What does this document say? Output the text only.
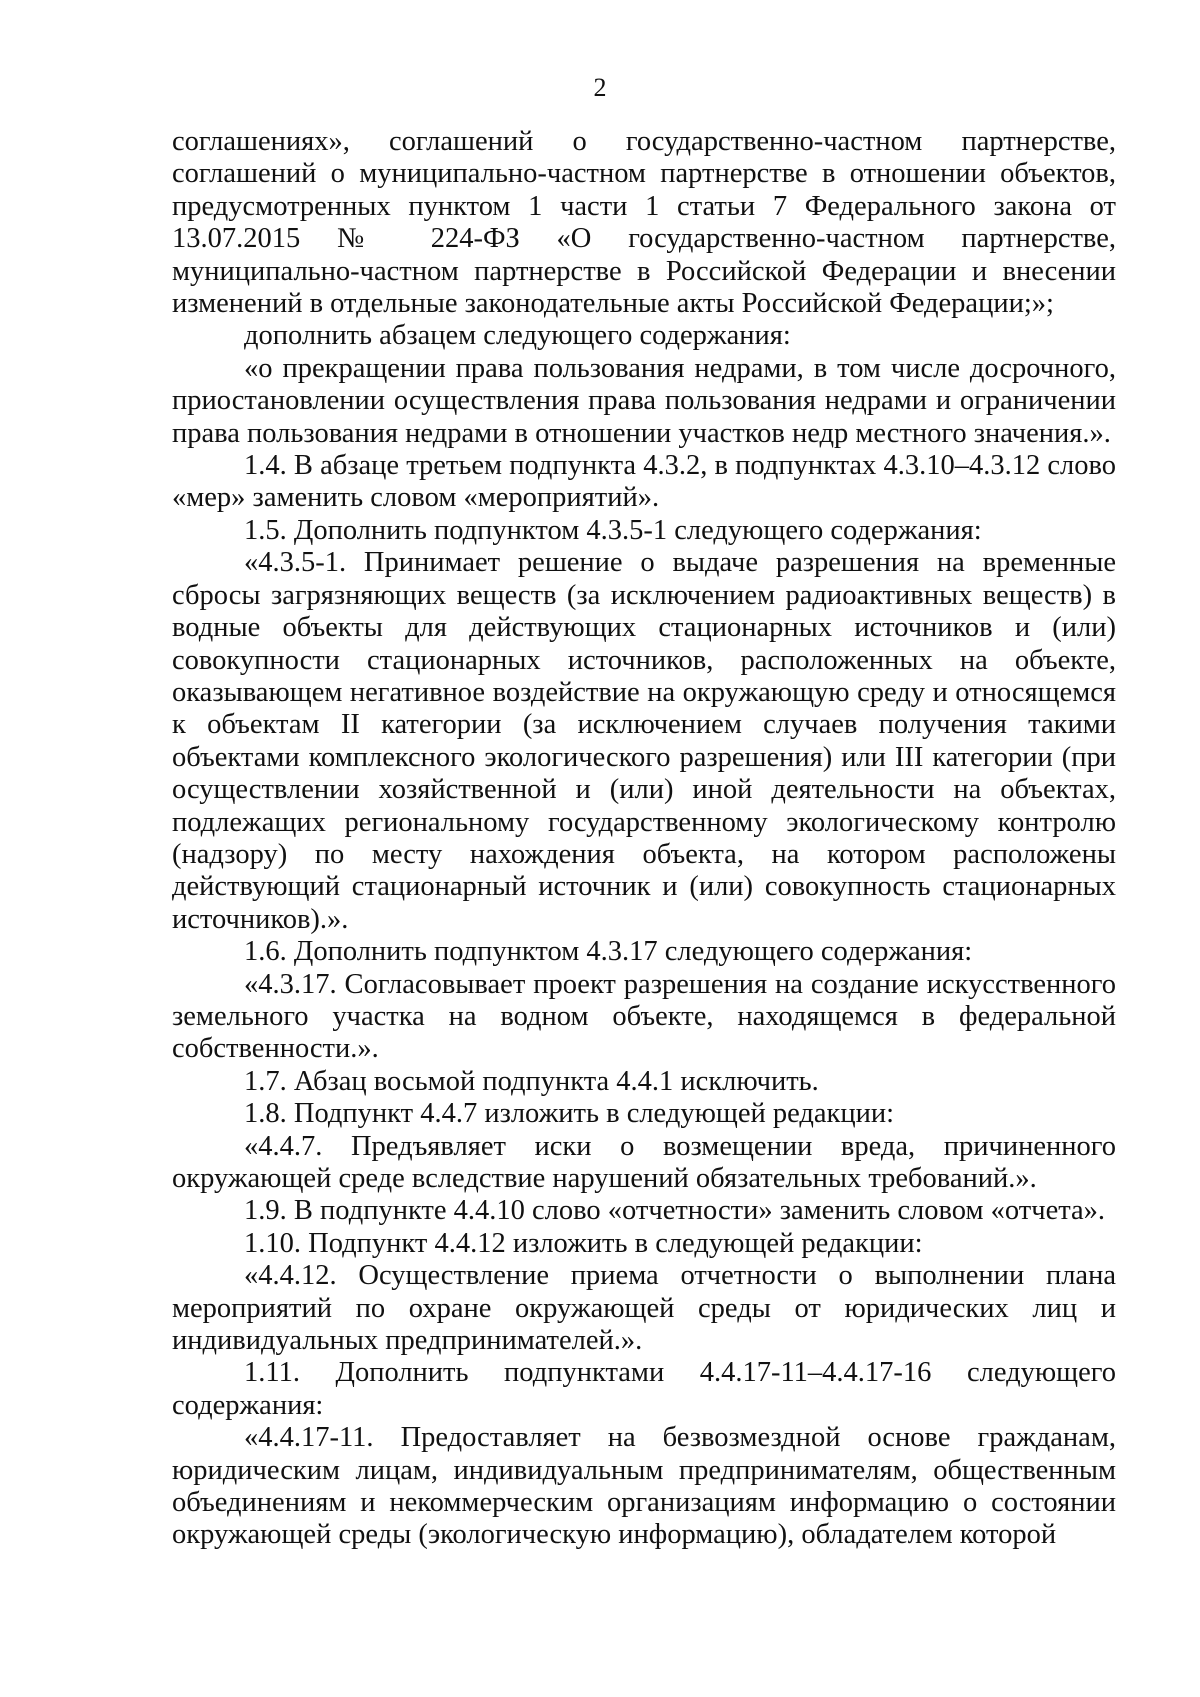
2

соглашениях», соглашений о государственно-частном партнерстве, соглашений о муниципально-частном партнерстве в отношении объектов, предусмотренных пунктом 1 части 1 статьи 7 Федерального закона от 13.07.2015 № 224-ФЗ «О государственно-частном партнерстве, муниципально-частном партнерстве в Российской Федерации и внесении изменений в отдельные законодательные акты Российской Федерации;»;

дополнить абзацем следующего содержания:

«о прекращении права пользования недрами, в том числе досрочного, приостановлении осуществления права пользования недрами и ограничении права пользования недрами в отношении участков недр местного значения.».

1.4. В абзаце третьем подпункта 4.3.2, в подпунктах 4.3.10–4.3.12 слово «мер» заменить словом «мероприятий».

1.5. Дополнить подпунктом 4.3.5-1 следующего содержания:

«4.3.5-1. Принимает решение о выдаче разрешения на временные сбросы загрязняющих веществ (за исключением радиоактивных веществ) в водные объекты для действующих стационарных источников и (или) совокупности стационарных источников, расположенных на объекте, оказывающем негативное воздействие на окружающую среду и относящемся к объектам II категории (за исключением случаев получения такими объектами комплексного экологического разрешения) или III категории (при осуществлении хозяйственной и (или) иной деятельности на объектах, подлежащих региональному государственному экологическому контролю (надзору) по месту нахождения объекта, на котором расположены действующий стационарный источник и (или) совокупность стационарных источников).».

1.6. Дополнить подпунктом 4.3.17 следующего содержания:

«4.3.17. Согласовывает проект разрешения на создание искусственного земельного участка на водном объекте, находящемся в федеральной собственности.».

1.7. Абзац восьмой подпункта 4.4.1 исключить.

1.8. Подпункт 4.4.7 изложить в следующей редакции:

«4.4.7. Предъявляет иски о возмещении вреда, причиненного окружающей среде вследствие нарушений обязательных требований.».

1.9. В подпункте 4.4.10 слово «отчетности» заменить словом «отчета».

1.10. Подпункт 4.4.12 изложить в следующей редакции:

«4.4.12. Осуществление приема отчетности о выполнении плана мероприятий по охране окружающей среды от юридических лиц и индивидуальных предпринимателей.».

1.11. Дополнить подпунктами 4.4.17-11–4.4.17-16 следующего содержания:

«4.4.17-11. Предоставляет на безвозмездной основе гражданам, юридическим лицам, индивидуальным предпринимателям, общественным объединениям и некоммерческим организациям информацию о состоянии окружающей среды (экологическую информацию), обладателем которой
